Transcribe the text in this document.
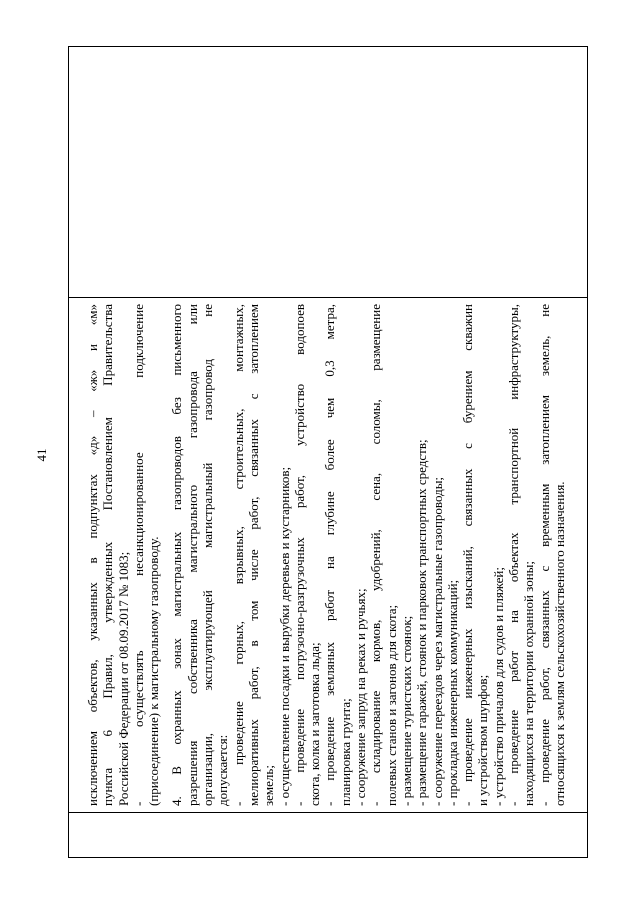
41	исключением объектов, указанных в подпунктах «д» – «ж» и «м» пункта 6 Правил, утвержденных Постановлением Правительства Российской Федерации от 08.09.2017 № 1083; - осуществлять несанкционированное подключение (присоединение) к магистральному газопроводу. 4. В охранных зонах магистральных газопроводов без письменного разрешения собственника магистрального газопровода или организации, эксплуатирующей магистральный газопровод не допускается: - проведение горных, взрывных, строительных, монтажных, мелиоративных работ, в том числе работ, связанных с затоплением земель; - осуществление посадки и вырубки деревьев и кустарников; - проведение погрузочно-разгрузочных работ, устройство водопоев скота, колка и заготовка льда; - проведение земляных работ на глубине более чем 0,3 метра, планировка грунта; - сооружение запруд на реках и ручьях; - складирование кормов, удобрений, сена, соломы, размещение полевых станов и загонов для скота; - размещение туристских стоянок; - размещение гаражей, стоянок и парковок транспортных средств; - сооружение переездов через магистральные газопроводы; - прокладка инженерных коммуникаций; - проведение инженерных изысканий, связанных с бурением скважин и устройством шурфов; - устройство причалов для судов и пляжей; - проведение работ на объектах транспортной инфраструктуры, находящихся на территории охранной зоны; - проведение работ, связанных с временным затоплением земель, не относящихся к землям сельскохозяйственного назначения.
